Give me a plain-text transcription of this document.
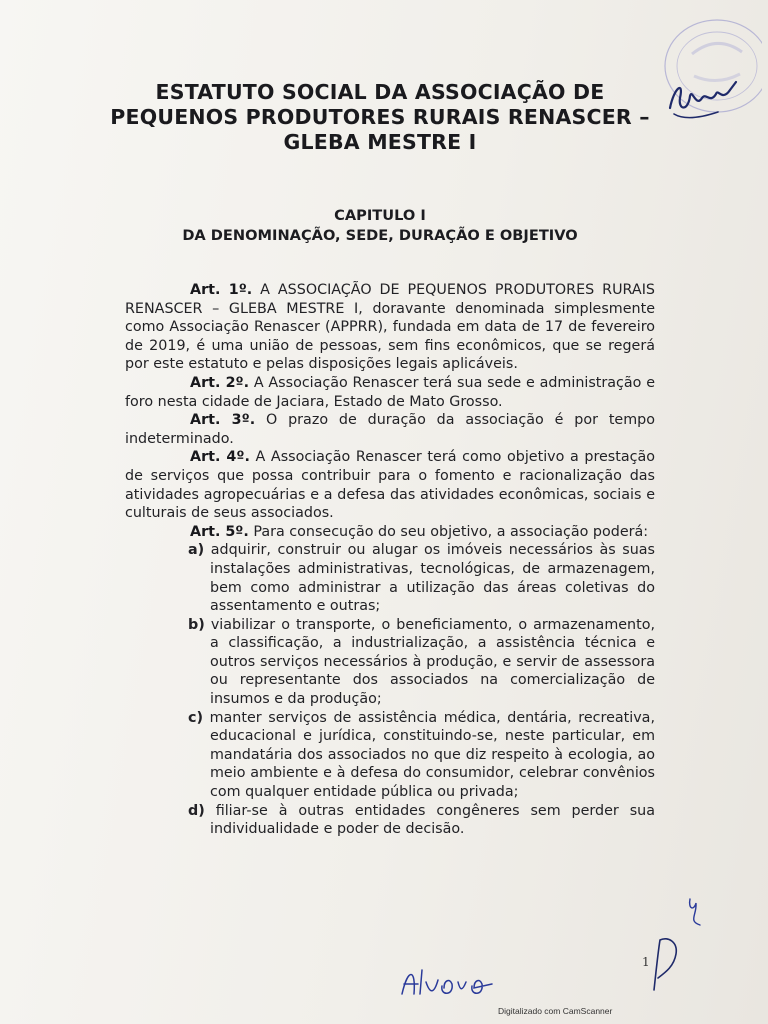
ESTATUTO SOCIAL DA ASSOCIAÇÃO DE
PEQUENOS PRODUTORES RURAIS RENASCER –
GLEBA MESTRE I
CAPITULO I
DA DENOMINAÇÃO, SEDE, DURAÇÃO E OBJETIVO

Art. 1º. A ASSOCIAÇÃO DE PEQUENOS PRODUTORES RURAIS RENASCER – GLEBA MESTRE I, doravante denominada simplesmente como Associação Renascer (APPRR), fundada em data de 17 de fevereiro de 2019, é uma união de pessoas, sem fins econômicos, que se regerá por este estatuto e pelas disposições legais aplicáveis.

Art. 2º. A Associação Renascer terá sua sede e administração e foro nesta cidade de Jaciara, Estado de Mato Grosso.

Art. 3º. O prazo de duração da associação é por tempo indeterminado.

Art. 4º. A Associação Renascer terá como objetivo a prestação de serviços que possa contribuir para o fomento e racionalização das atividades agropecuárias e a defesa das atividades econômicas, sociais e culturais de seus associados.

Art. 5º. Para consecução do seu objetivo, a associação poderá:

a) adquirir, construir ou alugar os imóveis necessários às suas instalações administrativas, tecnológicas, de armazenagem, bem como administrar a utilização das áreas coletivas do assentamento e outras;

b) viabilizar o transporte, o beneficiamento, o armazenamento, a classificação, a industrialização, a assistência técnica e outros serviços necessários à produção, e servir de assessora ou representante dos associados na comercialização de insumos e da produção;

c) manter serviços de assistência médica, dentária, recreativa, educacional e jurídica, constituindo-se, neste particular, em mandatária dos associados no que diz respeito à ecologia, ao meio ambiente e à defesa do consumidor, celebrar convênios com qualquer entidade pública ou privada;

d) filiar-se à outras entidades congêneres sem perder sua individualidade e poder de decisão.

1
Digitalizado com CamScanner
